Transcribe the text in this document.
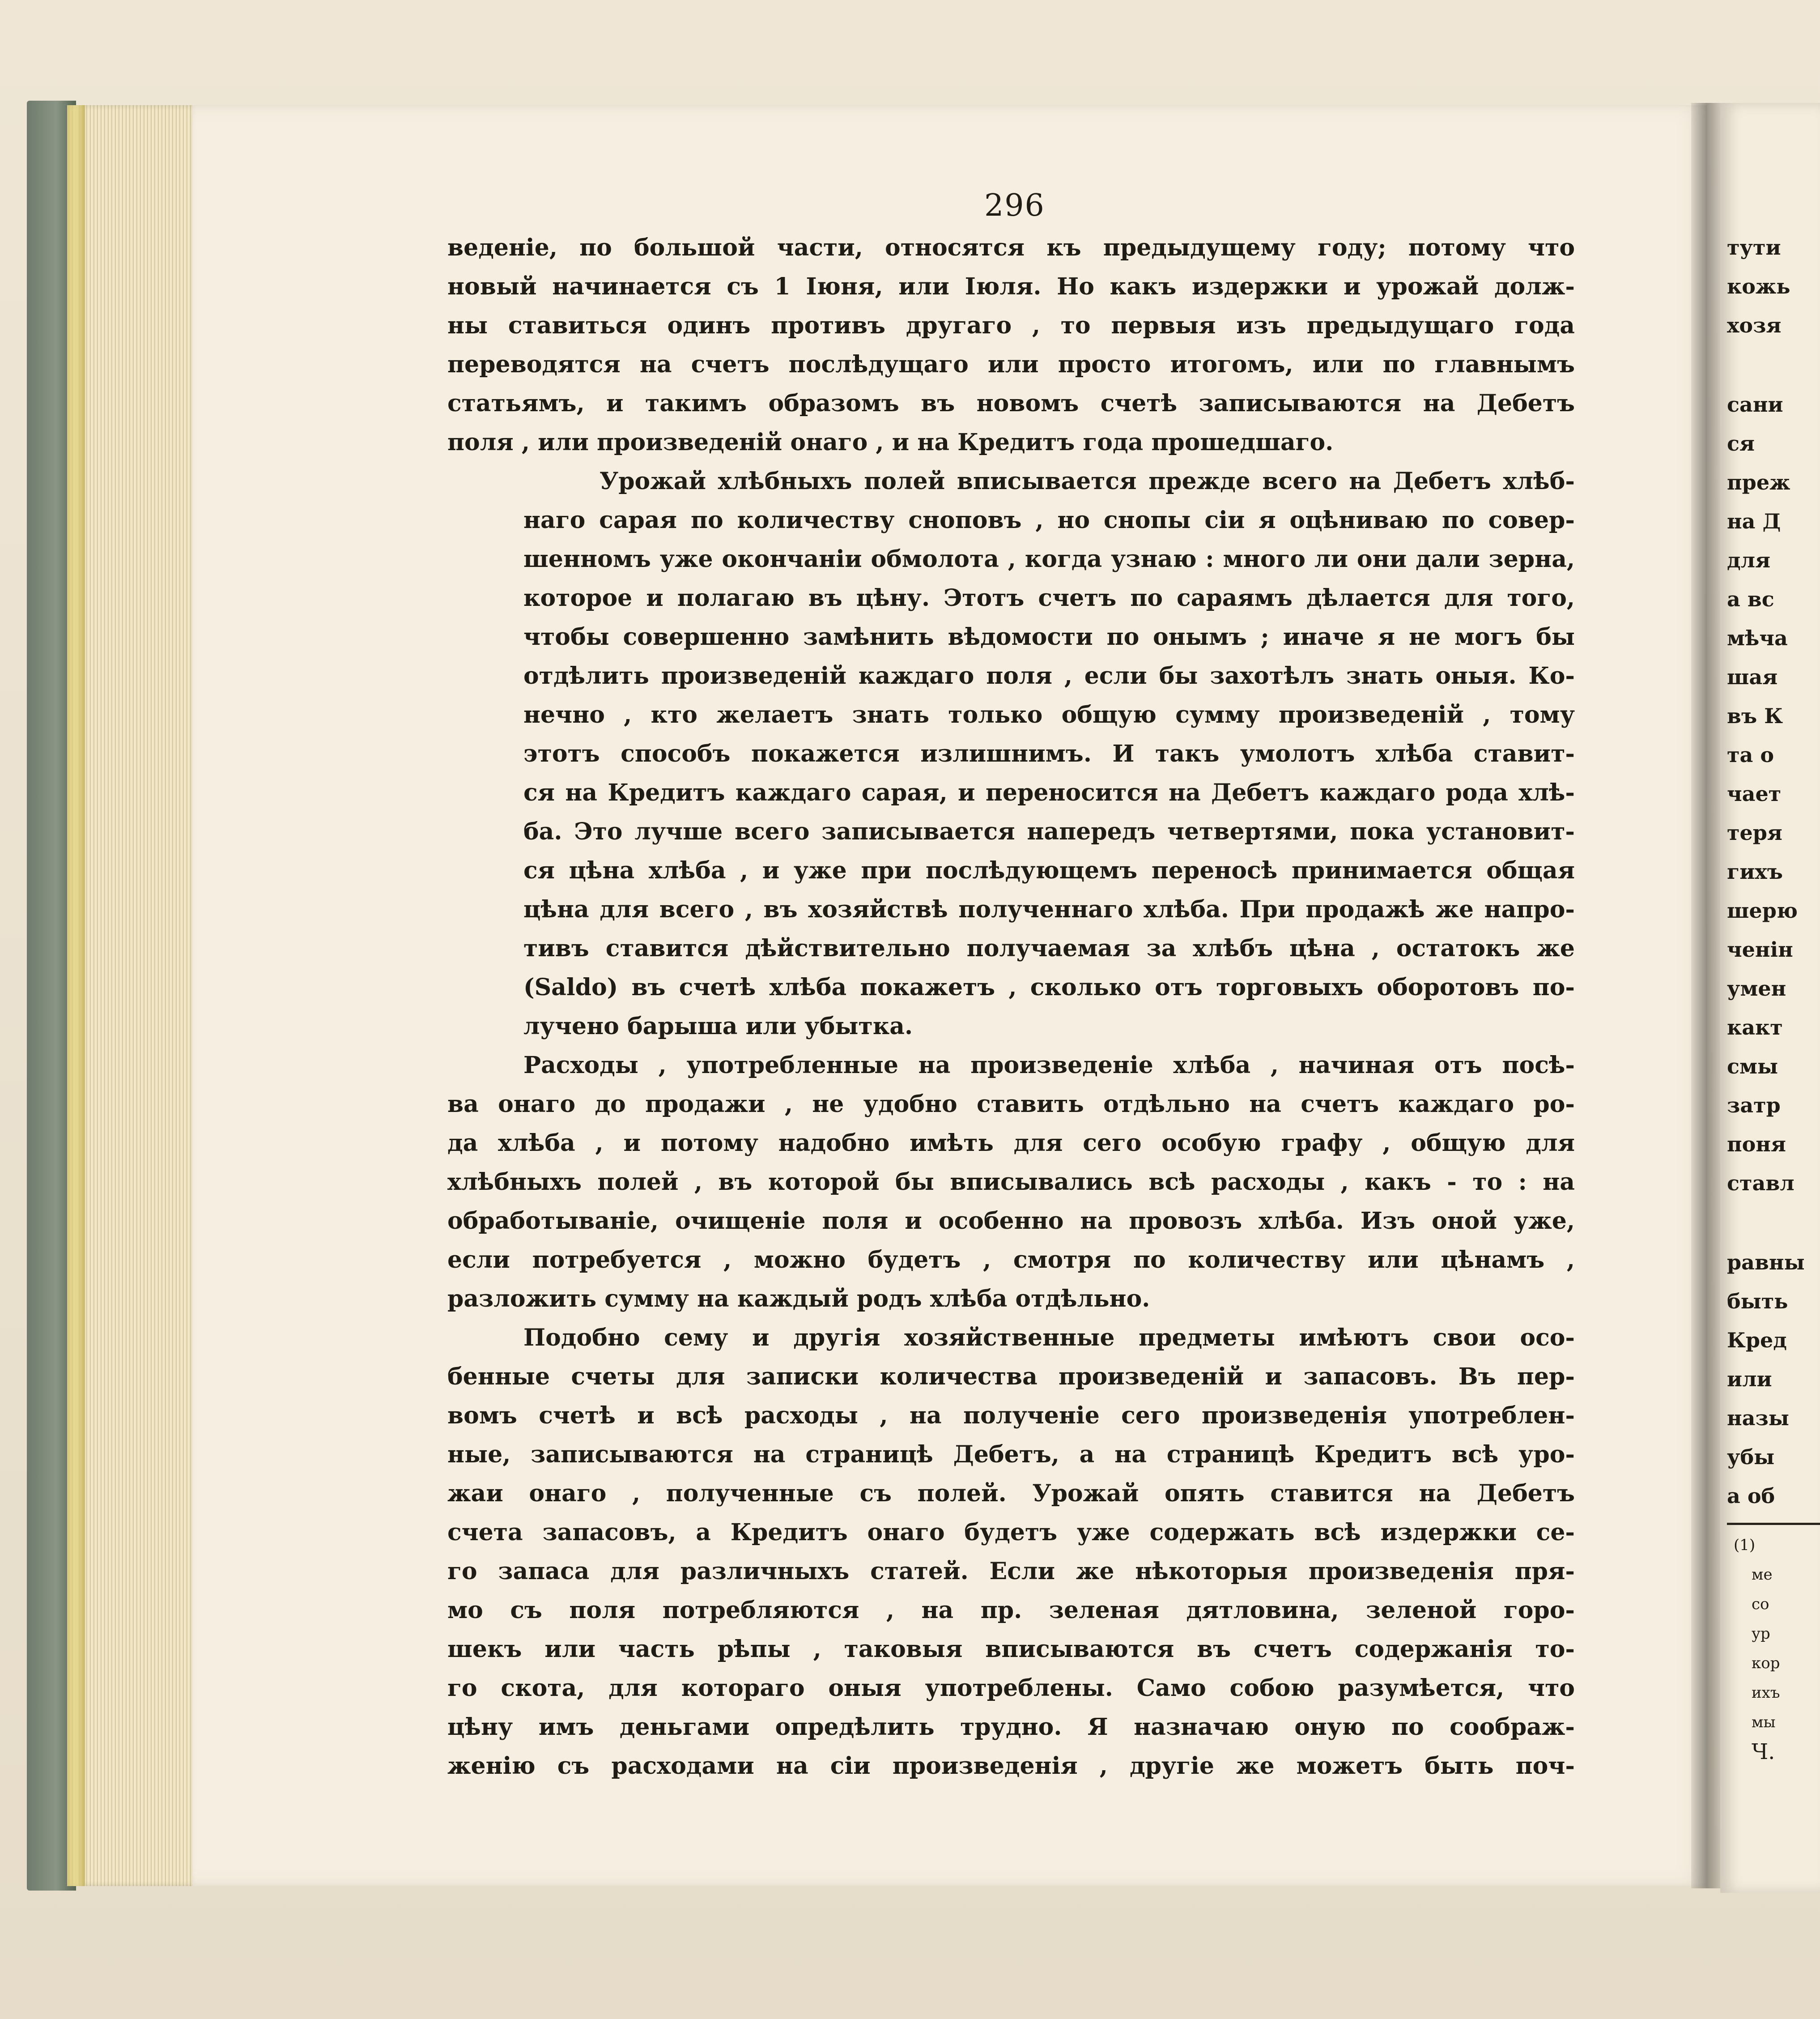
296

веденіе, по большой части, относятся къ предыдущему году; потому что
новый начинается съ 1 Іюня, или Іюля. Но какъ издержки и урожай долж-
ны ставиться одинъ противъ другаго , то первыя изъ предыдущаго года
переводятся на счетъ послѣдущаго или просто итогомъ, или по главнымъ
статьямъ, и такимъ образомъ въ новомъ счетѣ записываются на Дебетъ
поля , или произведеній онаго , и на Кредитъ года прошедшаго.

Урожай хлѣбныхъ полей вписывается прежде всего на Дебетъ хлѣб-
наго сарая по количеству сноповъ , но снопы сіи я оцѣниваю по совер-
шенномъ уже окончаніи обмолота , когда узнаю : много ли они дали зерна,
которое и полагаю въ цѣну. Этотъ счетъ по сараямъ дѣлается для того,
чтобы совершенно замѣнить вѣдомости по онымъ ; иначе я не могъ бы
отдѣлить произведеній каждаго поля , если бы захотѣлъ знать оныя. Ко-
нечно , кто желаетъ знать только общую сумму произведеній , тому
этотъ способъ покажется излишнимъ. И такъ умолотъ хлѣба ставит-
ся на Кредитъ каждаго сарая, и переносится на Дебетъ каждаго рода хлѣ-
ба. Это лучше всего записывается напередъ четвертями, пока установит-
ся цѣна хлѣба , и уже при послѣдующемъ переносѣ принимается общая
цѣна для всего , въ хозяйствѣ полученнаго хлѣба. При продажѣ же напро-
тивъ ставится дѣйствительно получаемая за хлѣбъ цѣна , остатокъ же
(Saldo) въ счетѣ хлѣба покажетъ , сколько отъ торговыхъ оборотовъ по-
лучено барыша или убытка.

Расходы , употребленные на произведеніе хлѣба , начиная отъ посѣ-
ва онаго до продажи , не удобно ставить отдѣльно на счетъ каждаго ро-
да хлѣба , и потому надобно имѣть для сего особую графу , общую для
хлѣбныхъ полей , въ которой бы вписывались всѣ расходы , какъ - то : на
обработываніе, очищеніе поля и особенно на провозъ хлѣба. Изъ оной уже,
если потребуется , можно будетъ , смотря по количеству или цѣнамъ ,
разложить сумму на каждый родъ хлѣба отдѣльно.

Подобно сему и другія хозяйственные предметы имѣютъ свои осо-
бенные счеты для записки количества произведеній и запасовъ. Въ пер-
вомъ счетѣ и всѣ расходы , на полученіе сего произведенія употреблен-
ные, записываются на страницѣ Дебетъ, а на страницѣ Кредитъ всѣ уро-
жаи онаго , полученные съ полей. Урожай опять ставится на Дебетъ
счета запасовъ, а Кредитъ онаго будетъ уже содержать всѣ издержки се-
го запаса для различныхъ статей. Если же нѣкоторыя произведенія пря-
мо съ поля потребляются , на пр. зеленая дятловина, зеленой горо-
шекъ или часть рѣпы , таковыя вписываются въ счетъ содержанія то-
го скота, для котораго оныя употреблены. Само собою разумѣется, что
цѣну имъ деньгами опредѣлить трудно. Я назначаю оную по соображ-
женію съ расходами на сіи произведенія , другіе же можетъ быть поч-

тути
кожь
хозя
сани
ся
преж
на Д
для
а вс
мѣча
шая
въ К
та о
чает
теря
гихъ
шерю
ченін
умен
какт
смы
затр
поня
ставл
равны
быть
Кред
или
назы
убы
а об
(1)
ме
со
ур
кор
ихъ
мы
Ч.
